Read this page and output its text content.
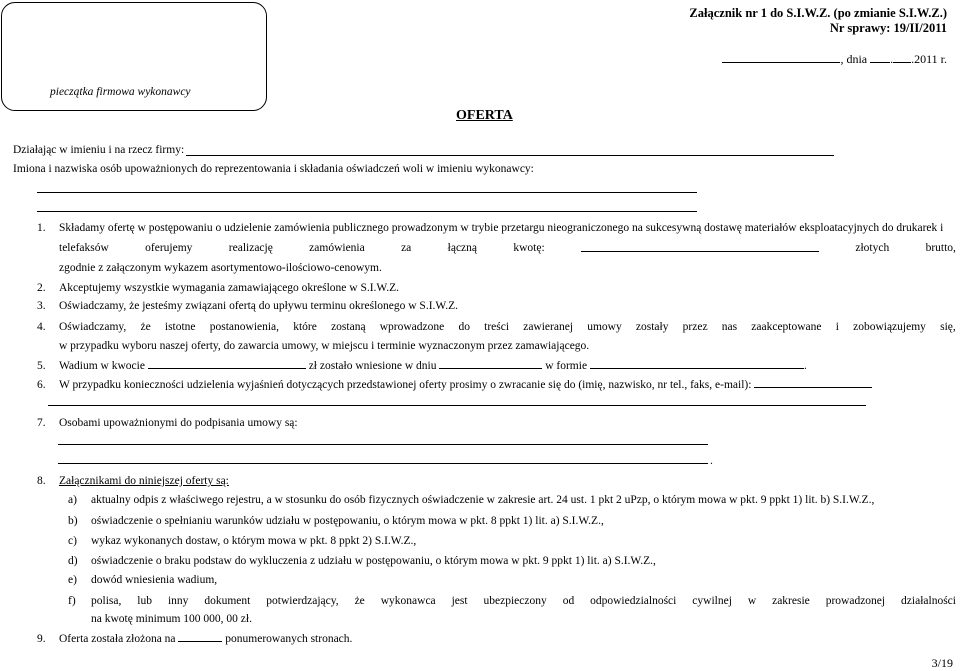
pieczątka firmowa wykonawcy
Załącznik nr 1 do S.I.W.Z. (po zmianie S.I.W.Z.)
Nr sprawy: 19/II/2011
, dnia . .2011 r.
OFERTA
Działając w imieniu i na rzecz firmy:
Imiona i nazwiska osób upoważnionych do reprezentowania i składania oświadczeń woli w imieniu wykonawcy:
1. Składamy ofertę w postępowaniu o udzielenie zamówienia publicznego prowadzonym w trybie przetargu nieograniczonego na sukcesywną dostawę materiałów eksploatacyjnych do drukarek i
telefaksów	oferujemy	realizację	zamówienia	za	łączną	kwotę:	złotych	brutto,
zgodnie z załączonym wykazem asortymentowo-ilościowo-cenowym.
2. Akceptujemy wszystkie wymagania zamawiającego określone w S.I.W.Z.
3. Oświadczamy, że jesteśmy związani ofertą do upływu terminu określonego w S.I.W.Z.
4. Oświadczamy, że istotne postanowienia, które zostaną wprowadzone do treści zawieranej umowy zostały przez nas zaakceptowane i zobowiązujemy się,
w przypadku wyboru naszej oferty, do zawarcia umowy, w miejscu i terminie wyznaczonym przez zamawiającego.
5. Wadium w kwocie	zł zostało wniesione w dniu	w formie	.
6. W przypadku konieczności udzielenia wyjaśnień dotyczących przedstawionej oferty prosimy o zwracanie się do (imię, nazwisko, nr tel., faks, e-mail):
7. Osobami upoważnionymi do podpisania umowy są:
.
8. Załącznikami do niniejszej oferty są:
a) aktualny odpis z właściwego rejestru, a w stosunku do osób fizycznych oświadczenie w zakresie art. 24 ust. 1 pkt 2 uPzp, o którym mowa w pkt. 9 ppkt 1) lit. b) S.I.W.Z.,
b) oświadczenie o spełnianiu warunków udziału w postępowaniu, o którym mowa w pkt. 8 ppkt 1) lit. a) S.I.W.Z.,
c) wykaz wykonanych dostaw, o którym mowa w pkt. 8 ppkt 2) S.I.W.Z.,
d) oświadczenie o braku podstaw do wykluczenia z udziału w postępowaniu, o którym mowa w pkt. 9 ppkt 1) lit. a) S.I.W.Z.,
e) dowód wniesienia wadium,
f) polisa, lub inny dokument potwierdzający, że wykonawca jest ubezpieczony od odpowiedzialności cywilnej w zakresie prowadzonej działalności
na kwotę minimum 100 000, 00 zł.
9. Oferta została złożona na	ponumerowanych stronach.
3/19
